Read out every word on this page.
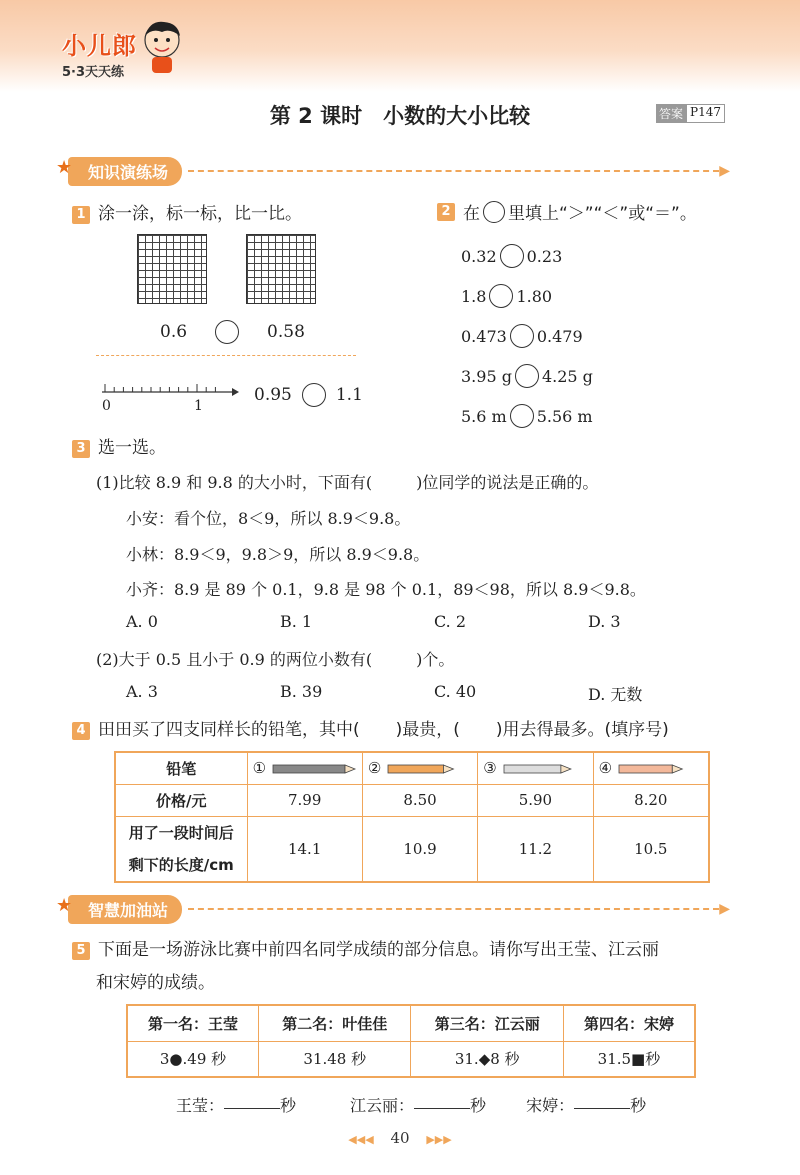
小儿郎
5·3天天练
第 2 课时　小数的大小比较	答案 P147
★ 知识演练场	▶
1 涂一涂，标一标，比一比。
0.6	0.58
0	1
0.95	1.1
2 在 里填上“＞”“＜”或“＝”。
0.32 0.23
1.8 1.80
0.473 0.479
3.95 g 4.25 g
5.6 m 5.56 m
3 选一选。
(1)比较 8.9 和 9.8 的大小时，下面有(	)位同学的说法是正确的。
小安：看个位，8＜9，所以 8.9＜9.8。
小林：8.9＜9，9.8＞9，所以 8.9＜9.8。
小齐：8.9 是 89 个 0.1，9.8 是 98 个 0.1，89＜98，所以 8.9＜9.8。
A. 0	B. 1	C. 2	D. 3
(2)大于 0.5 且小于 0.9 的两位小数有(	)个。
A. 3	B. 39	C. 40	D. 无数
4 田田买了四支同样长的铅笔，其中( )最贵，( )用去得最多。(填序号)
铅笔	①	②	③	④
价格/元	7.99	8.50	5.90	8.20
用了一段时间后
剩下的长度/cm	14.1	10.9	11.2	10.5
★ 智慧加油站	▶
5 下面是一场游泳比赛中前四名同学成绩的部分信息。请你写出王莹、江云丽
和宋婷的成绩。
第一名：王莹	第二名：叶佳佳	第三名：江云丽	第四名：宋婷
3●.49 秒	31.48 秒	31.◆8 秒	31.5■秒
王莹：	秒	江云丽：	秒	宋婷：	秒
◀◀◀ 40 ▶▶▶
